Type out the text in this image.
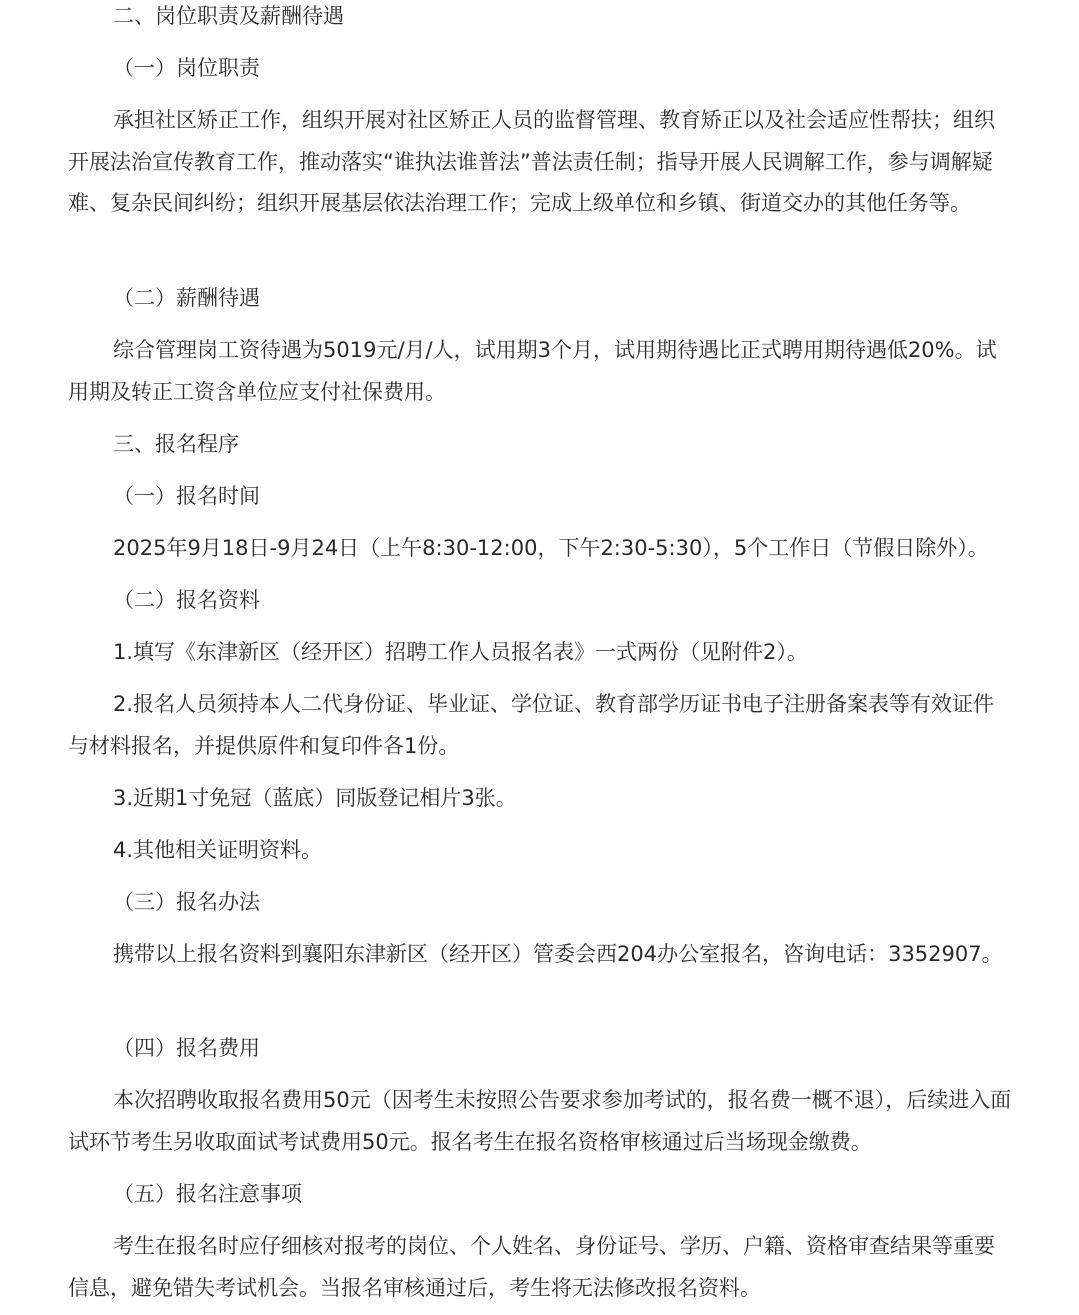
二、岗位职责及薪酬待遇
（一）岗位职责
承担社区矫正工作，组织开展对社区矫正人员的监督管理、教育矫正以及社会适应性帮扶；组织开展法治宣传教育工作，推动落实“谁执法谁普法”普法责任制；指导开展人民调解工作，参与调解疑难、复杂民间纠纷；组织开展基层依法治理工作；完成上级单位和乡镇、街道交办的其他任务等。
（二）薪酬待遇
综合管理岗工资待遇为5019元/月/人，试用期3个月，试用期待遇比正式聘用期待遇低20%。试用期及转正工资含单位应支付社保费用。
三、报名程序
（一）报名时间
2025年9月18日-9月24日（上午8:30-12:00，下午2:30-5:30），5个工作日（节假日除外）。
（二）报名资料
1.填写《东津新区（经开区）招聘工作人员报名表》一式两份（见附件2）。
2.报名人员须持本人二代身份证、毕业证、学位证、教育部学历证书电子注册备案表等有效证件与材料报名，并提供原件和复印件各1份。
3.近期1寸免冠（蓝底）同版登记相片3张。
4.其他相关证明资料。
（三）报名办法
携带以上报名资料到襄阳东津新区（经开区）管委会西204办公室报名，咨询电话：3352907。
（四）报名费用
本次招聘收取报名费用50元（因考生未按照公告要求参加考试的，报名费一概不退），后续进入面试环节考生另收取面试考试费用50元。报名考生在报名资格审核通过后当场现金缴费。
（五）报名注意事项
考生在报名时应仔细核对报考的岗位、个人姓名、身份证号、学历、户籍、资格审查结果等重要信息，避免错失考试机会。当报名审核通过后，考生将无法修改报名资料。
